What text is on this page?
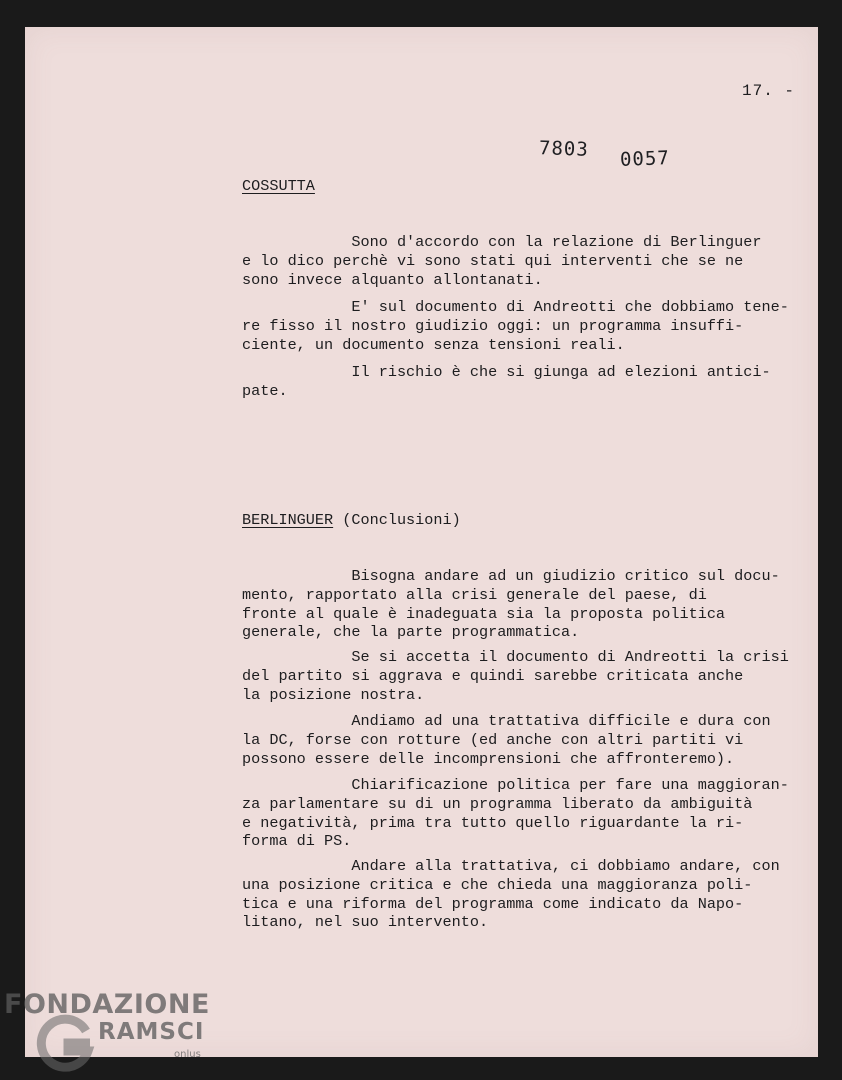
17. -
7803 0057
COSSUTTA

Sono d'accordo con la relazione di Berlinguer
e lo dico perchè vi sono stati qui interventi che se ne
sono invece alquanto allontanati.

E' sul documento di Andreotti che dobbiamo tene-
re fisso il nostro giudizio oggi: un programma insuffi-
ciente, un documento senza tensioni reali.

Il rischio è che si giunga ad elezioni antici-
pate.

BERLINGUER (Conclusioni)

Bisogna andare ad un giudizio critico sul docu-
mento, rapportato alla crisi generale del paese, di
fronte al quale è inadeguata sia la proposta politica
generale, che la parte programmatica.

Se si accetta il documento di Andreotti la crisi
del partito si aggrava e quindi sarebbe criticata anche
la posizione nostra.

Andiamo ad una trattativa difficile e dura con
la DC, forse con rotture (ed anche con altri partiti vi
possono essere delle incomprensioni che affronteremo).

Chiarificazione politica per fare una maggioran-
za parlamentare su di un programma liberato da ambiguità
e negatività, prima tra tutto quello riguardante la ri-
forma di PS.

Andare alla trattativa, ci dobbiamo andare, con
una posizione critica e che chieda una maggioranza poli-
tica e una riforma del programma come indicato da Napo-
litano, nel suo intervento.

FONDAZIONE
RAMSCI
onlus
